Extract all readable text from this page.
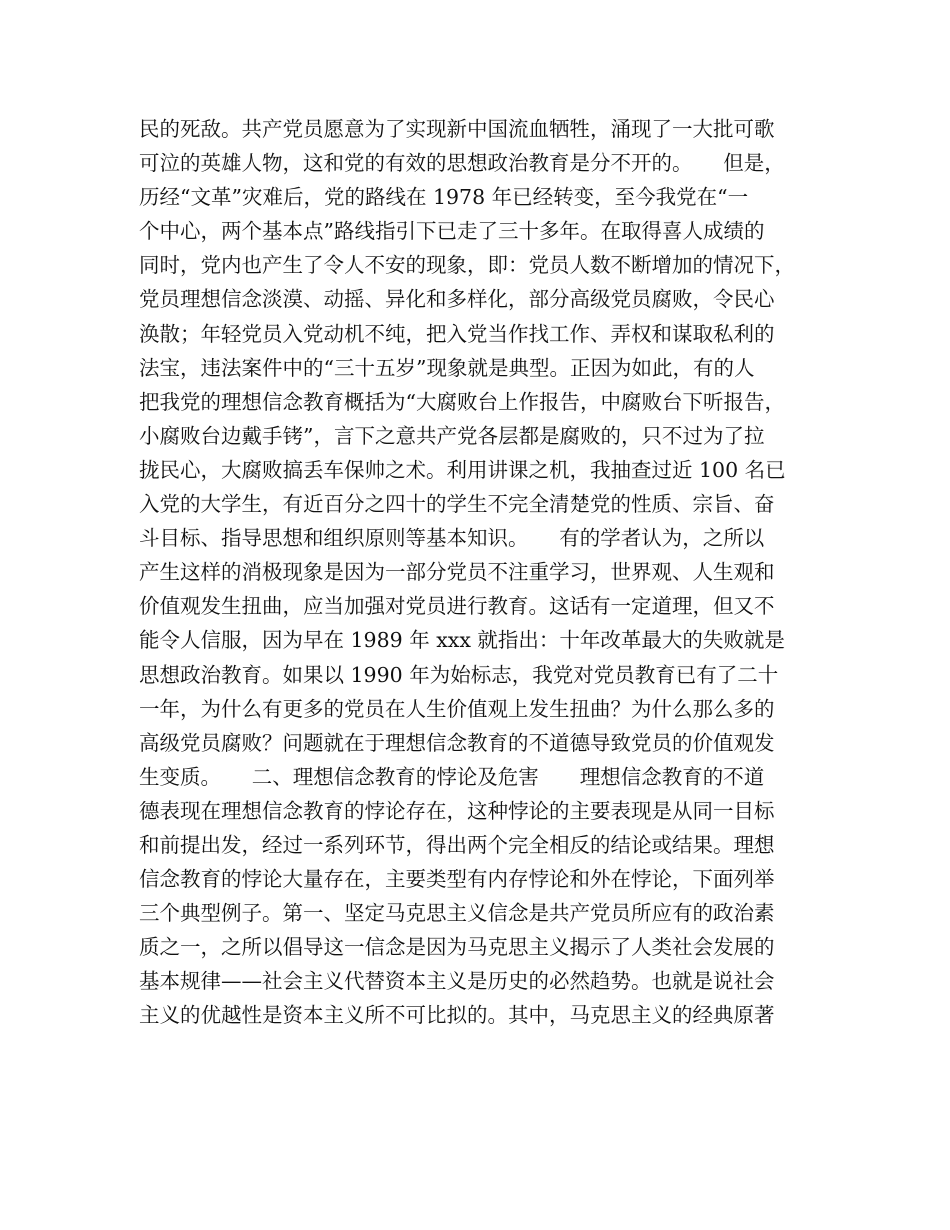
民的死敌。共产党员愿意为了实现新中国流血牺牲，涌现了一大批可歌
可泣的英雄人物，这和党的有效的思想政治教育是分不开的。　　但是，
历经“文革”灾难后，党的路线在 1978 年已经转变，至今我党在“一
个中心，两个基本点”路线指引下已走了三十多年。在取得喜人成绩的
同时，党内也产生了令人不安的现象，即：党员人数不断增加的情况下，
党员理想信念淡漠、动摇、异化和多样化，部分高级党员腐败，令民心
涣散；年轻党员入党动机不纯，把入党当作找工作、弄权和谋取私利的
法宝，违法案件中的“三十五岁”现象就是典型。正因为如此，有的人
把我党的理想信念教育概括为“大腐败台上作报告，中腐败台下听报告，
小腐败台边戴手铐”，言下之意共产党各层都是腐败的，只不过为了拉
拢民心，大腐败搞丢车保帅之术。利用讲课之机，我抽查过近 100 名已
入党的大学生，有近百分之四十的学生不完全清楚党的性质、宗旨、奋
斗目标、指导思想和组织原则等基本知识。　　有的学者认为，之所以
产生这样的消极现象是因为一部分党员不注重学习，世界观、人生观和
价值观发生扭曲，应当加强对党员进行教育。这话有一定道理，但又不
能令人信服，因为早在 1989 年 xxx 就指出：十年改革最大的失败就是
思想政治教育。如果以 1990 年为始标志，我党对党员教育已有了二十
一年，为什么有更多的党员在人生价值观上发生扭曲？为什么那么多的
高级党员腐败？问题就在于理想信念教育的不道德导致党员的价值观发
生变质。　　二、理想信念教育的悖论及危害　　理想信念教育的不道
德表现在理想信念教育的悖论存在，这种悖论的主要表现是从同一目标
和前提出发，经过一系列环节，得出两个完全相反的结论或结果。理想
信念教育的悖论大量存在，主要类型有内存悖论和外在悖论，下面列举
三个典型例子。第一、坚定马克思主义信念是共产党员所应有的政治素
质之一，之所以倡导这一信念是因为马克思主义揭示了人类社会发展的
基本规律——社会主义代替资本主义是历史的必然趋势。也就是说社会
主义的优越性是资本主义所不可比拟的。其中，马克思主义的经典原著
